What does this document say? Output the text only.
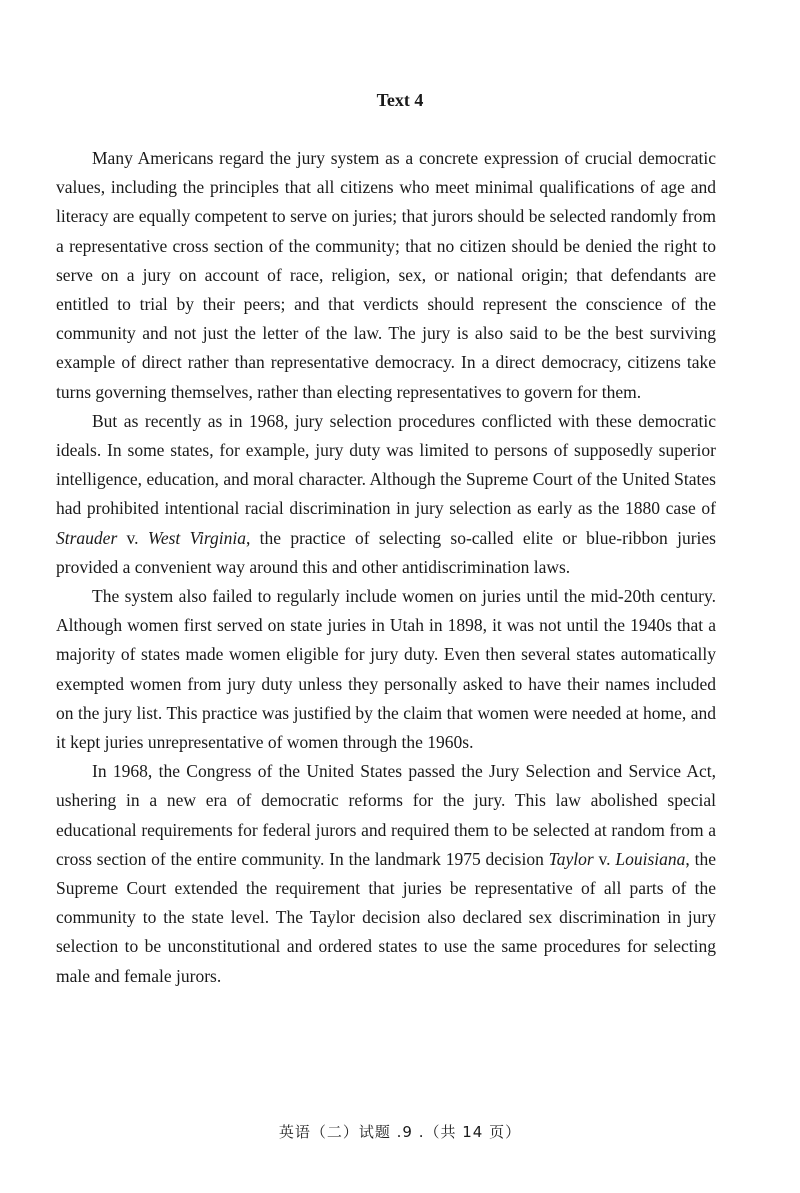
Text 4

Many Americans regard the jury system as a concrete expression of crucial democratic values, including the principles that all citizens who meet minimal qualifications of age and literacy are equally competent to serve on juries; that jurors should be selected randomly from a representative cross section of the community; that no citizen should be denied the right to serve on a jury on account of race, religion, sex, or national origin; that defendants are entitled to trial by their peers; and that verdicts should represent the conscience of the community and not just the letter of the law. The jury is also said to be the best surviving example of direct rather than representative democracy. In a direct democracy, citizens take turns governing themselves, rather than electing representatives to govern for them.

But as recently as in 1968, jury selection procedures conflicted with these democratic ideals. In some states, for example, jury duty was limited to persons of supposedly superior intelligence, education, and moral character. Although the Supreme Court of the United States had prohibited intentional racial discrimination in jury selection as early as the 1880 case of Strauder v. West Virginia, the practice of selecting so-called elite or blue-ribbon juries provided a convenient way around this and other antidiscrimination laws.

The system also failed to regularly include women on juries until the mid-20th century. Although women first served on state juries in Utah in 1898, it was not until the 1940s that a majority of states made women eligible for jury duty. Even then several states automatically exempted women from jury duty unless they personally asked to have their names included on the jury list. This practice was justified by the claim that women were needed at home, and it kept juries unrepresentative of women through the 1960s.

In 1968, the Congress of the United States passed the Jury Selection and Service Act, ushering in a new era of democratic reforms for the jury. This law abolished special educational requirements for federal jurors and required them to be selected at random from a cross section of the entire community. In the landmark 1975 decision Taylor v. Louisiana, the Supreme Court extended the requirement that juries be representative of all parts of the community to the state level. The Taylor decision also declared sex discrimination in jury selection to be unconstitutional and ordered states to use the same procedures for selecting male and female jurors.

英语（二）试题 .9 .（共 14 页）
